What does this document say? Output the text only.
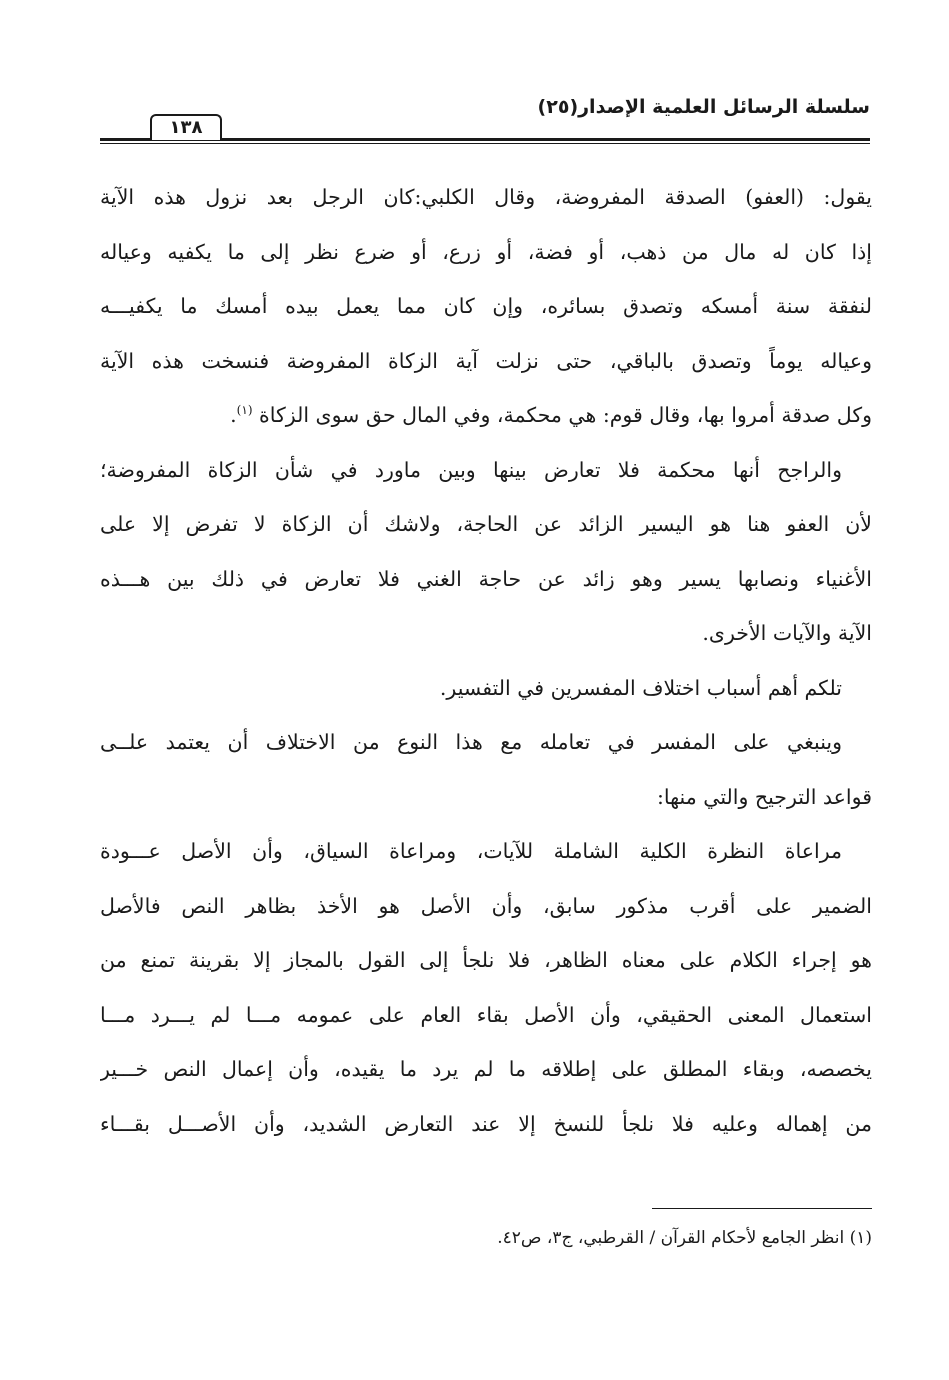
سلسلة الرسائل العلمية الإصدار(٢٥)
١٣٨
يقول: (العفو) الصدقة المفروضة، وقال الكلبي:كان الرجل بعد نزول هذه الآية
إذا كان له مال من ذهب، أو فضة، أو زرع، أو ضرع نظر إلى ما يكفيه وعياله
لنفقة سنة أمسكه وتصدق بسائره، وإن كان مما يعمل بيده أمسك ما يكفيـــه
وعياله يوماً وتصدق بالباقي، حتى نزلت آية الزكاة المفروضة فنسخت هذه الآية
وكل صدقة أمروا بها، وقال قوم: هي محكمة، وفي المال حق سوى الزكاة $^{(١)}$.
والراجح أنها محكمة فلا تعارض بينها وبين ماورد في شأن الزكاة المفروضة؛
لأن العفو هنا هو اليسير الزائد عن الحاجة، ولاشك أن الزكاة لا تفرض إلا على
الأغنياء ونصابها يسير وهو زائد عن حاجة الغني فلا تعارض في ذلك بين هـــذه
الآية والآيات الأخرى.
تلكم أهم أسباب اختلاف المفسرين في التفسير.
وينبغي على المفسر في تعامله مع هذا النوع من الاختلاف أن يعتمد علــى
قواعد الترجيح والتي منها:
مراعاة النظرة الكلية الشاملة للآيات، ومراعاة السياق، وأن الأصل عـــودة
الضمير على أقرب مذكور سابق، وأن الأصل هو الأخذ بظاهر النص فالأصل
هو إجراء الكلام على معناه الظاهر، فلا نلجأ إلى القول بالمجاز إلا بقرينة تمنع من
استعمال المعنى الحقيقي، وأن الأصل بقاء العام على عمومه مـــا لم يـــرد مـــا
يخصصه، وبقاء المطلق على إطلاقه ما لم يرد ما يقيده، وأن إعمال النص خـــير
من إهماله وعليه فلا نلجأ للنسخ إلا عند التعارض الشديد، وأن الأصـــل بقـــاء
(١) انظر الجامع لأحكام القرآن / القرطبي، ج٣، ص٤٢.
